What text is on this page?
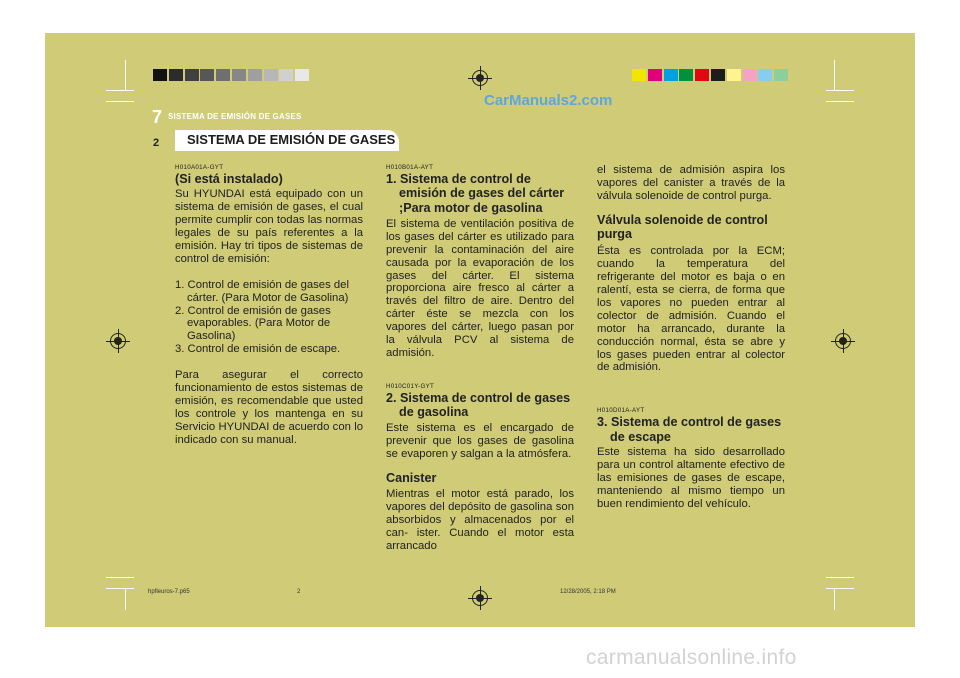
CarManuals2.com
7 SISTEMA DE EMISIÓN DE GASES
2 SISTEMA DE EMISIÓN DE GASES

H010A01A-GYT

(Si está instalado)

Su HYUNDAI está equipado con un sistema de emisión de gases, el cual permite cumplir con todas las normas legales de su país referentes a la emisión. Hay tri tipos de sistemas de control de emisión:

1. Control de emisión de gases del cárter. (Para Motor de Gasolina)

2. Control de emisión de gases evaporables. (Para Motor de Gasolina)

3. Control de emisión de escape.

Para asegurar el correcto funcionamiento de estos sistemas de emisión, es recomendable que usted los controle y los mantenga en su Servicio HYUNDAI de acuerdo con lo indicado con su manual.

H010B01A-AYT

1. Sistema de control de emisión de gases del cárter ;Para motor de gasolina

El sistema de ventilación positiva de los gases del cárter es utilizado para prevenir la contaminación del aire causada por la evaporación de los gases del cárter. El sistema proporciona aire fresco al cárter a través del filtro de aire. Dentro del cárter éste se mezcla con los vapores del cárter, luego pasan por la válvula PCV al sistema de admisión.

H010C01Y-GYT

2. Sistema de control de gases de gasolina

Este sistema es el encargado de prevenir que los gases de gasolina se evaporen y salgan a la atmósfera.

Canister

Mientras el motor está parado, los vapores del depósito de gasolina son absorbidos y almacenados por el can- ister. Cuando el motor esta arrancado

el sistema de admisión aspira los vapores del canister a través de la válvula solenoide de control purga.

Válvula solenoide de control purga

Ésta es controlada por la ECM; cuando la temperatura del refrigerante del motor es baja o en ralentí, esta se cierra, de forma que los vapores no pueden entrar al colector de admisión. Cuando el motor ha arrancado, durante la conducción normal, ésta se abre y los gases pueden entrar al colector de admisión.

H010D01A-AYT

3. Sistema de control de gases de escape

Este sistema ha sido desarrollado para un control altamente efectivo de las emisiones de gases de escape, manteniendo al mismo tiempo un buen rendimiento del vehículo.

hpfleuros-7.p65	2	12/28/2005, 2:18 PM
carmanualsonline.info
